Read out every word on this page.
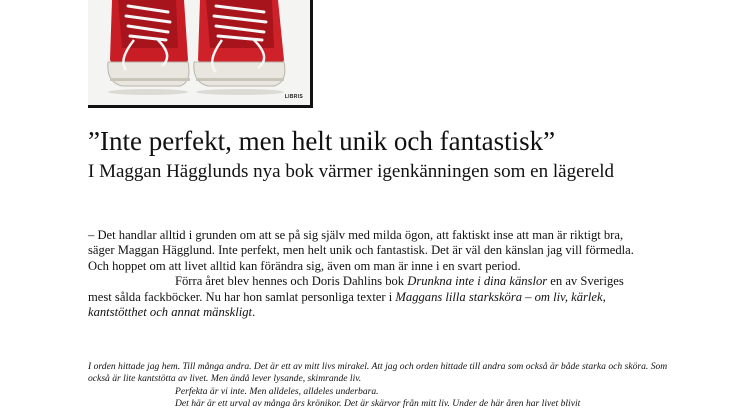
LIBRIS
”Inte perfekt, men helt unik och fantastisk”
I Maggan Hägglunds nya bok värmer igenkänningen som en lägereld

– Det handlar alltid i grunden om att se på sig själv med milda ögon, att faktiskt inse att man är riktigt bra, säger Maggan Hägglund. Inte perfekt, men helt unik och fantastisk. Det är väl den känslan jag vill förmedla. Och hoppet om att livet alltid kan förändra sig, även om man är inne i en svart period.

Förra året blev hennes och Doris Dahlins bok Drunkna inte i dina känslor en av Sveriges mest sålda fackböcker. Nu har hon samlat personliga texter i Maggans lilla starksköra – om liv, kärlek, kantstötthet och annat mänskligt.

I orden hittade jag hem. Till många andra. Det är ett av mitt livs mirakel. Att jag och orden hittade till andra som också är både starka och sköra. Som också är lite kantstötta av livet. Men ändå lever lysande, skimrande liv.

Perfekta är vi inte. Men alldeles, alldeles underbara.

Det här är ett urval av många års krönikor. Det är skärvor från mitt liv. Under de här åren har livet blivit
